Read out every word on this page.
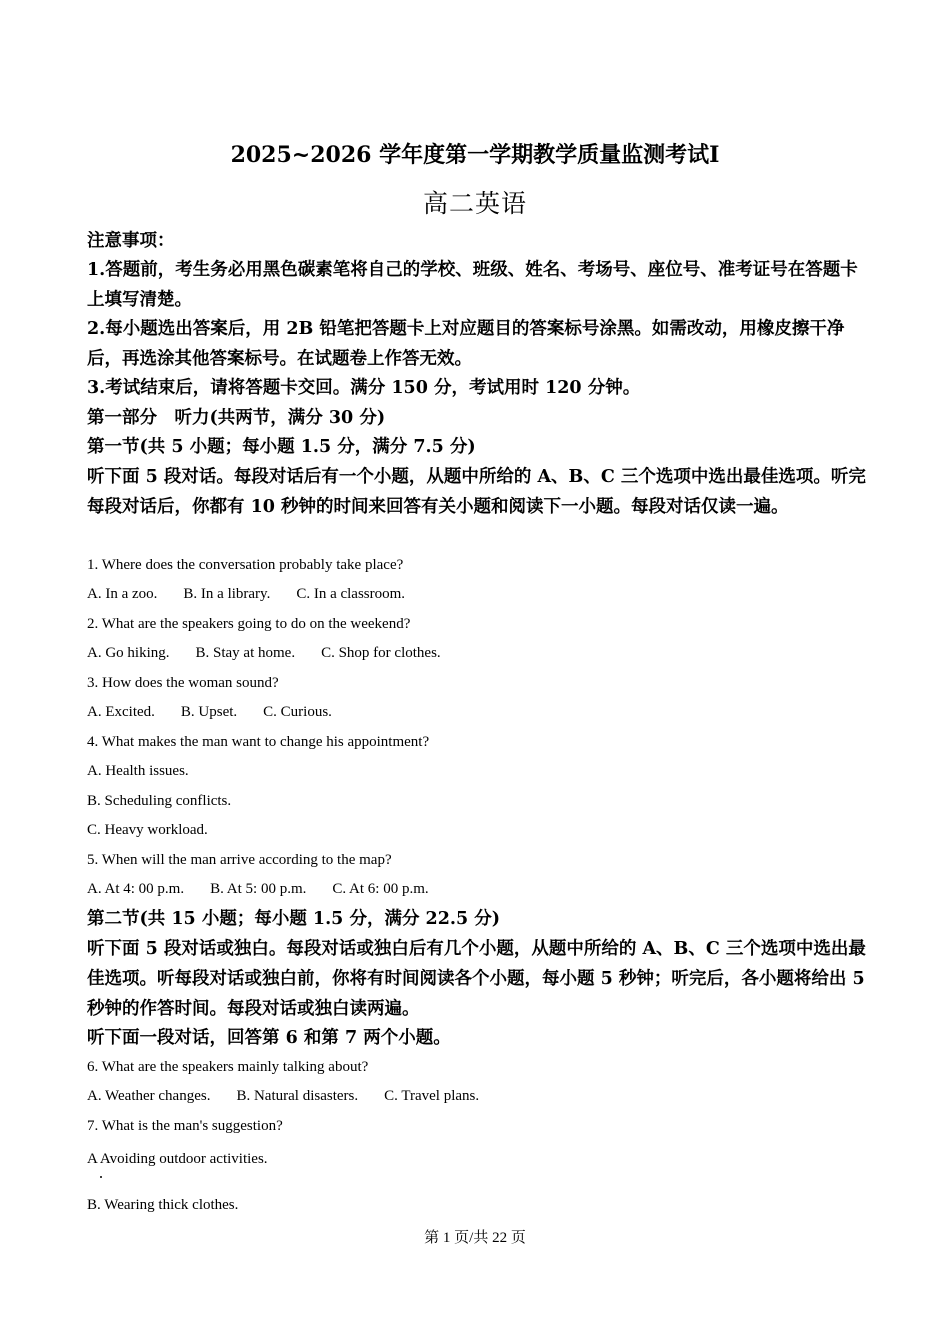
2025~2026 学年度第一学期教学质量监测考试I
高二英语
注意事项：
1.答题前，考生务必用黑色碳素笔将自己的学校、班级、姓名、考场号、座位号、准考证号在答题卡上填写清楚。
2.每小题选出答案后，用 2B 铅笔把答题卡上对应题目的答案标号涂黑。如需改动，用橡皮擦干净后，再选涂其他答案标号。在试题卷上作答无效。
3.考试结束后，请将答题卡交回。满分 150 分，考试用时 120 分钟。
第一部分　听力(共两节，满分 30 分)
第一节(共 5 小题；每小题 1.5 分，满分 7.5 分)
听下面 5 段对话。每段对话后有一个小题，从题中所给的 A、B、C 三个选项中选出最佳选项。听完每段对话后，你都有 10 秒钟的时间来回答有关小题和阅读下一小题。每段对话仅读一遍。
1. Where does the conversation probably take place?
A. In a zoo. B. In a library. C. In a classroom.
2. What are the speakers going to do on the weekend?
A. Go hiking. B. Stay at home. C. Shop for clothes.
3. How does the woman sound?
A. Excited. B. Upset. C. Curious.
4. What makes the man want to change his appointment?
A. Health issues.
B. Scheduling conflicts.
C. Heavy workload.
5. When will the man arrive according to the map?
A. At 4: 00 p.m. B. At 5: 00 p.m. C. At 6: 00 p.m.
第二节(共 15 小题；每小题 1.5 分，满分 22.5 分)
听下面 5 段对话或独白。每段对话或独白后有几个小题，从题中所给的 A、B、C 三个选项中选出最佳选项。听每段对话或独白前，你将有时间阅读各个小题，每小题 5 秒钟；听完后，各小题将给出 5 秒钟的作答时间。每段对话或独白读两遍。
听下面一段对话，回答第 6 和第 7 两个小题。
6. What are the speakers mainly talking about?
A. Weather changes. B. Natural disasters. C. Travel plans.
7. What is the man's suggestion?
A Avoiding outdoor activities.
B. Wearing thick clothes.
第 1 页/共 22 页
